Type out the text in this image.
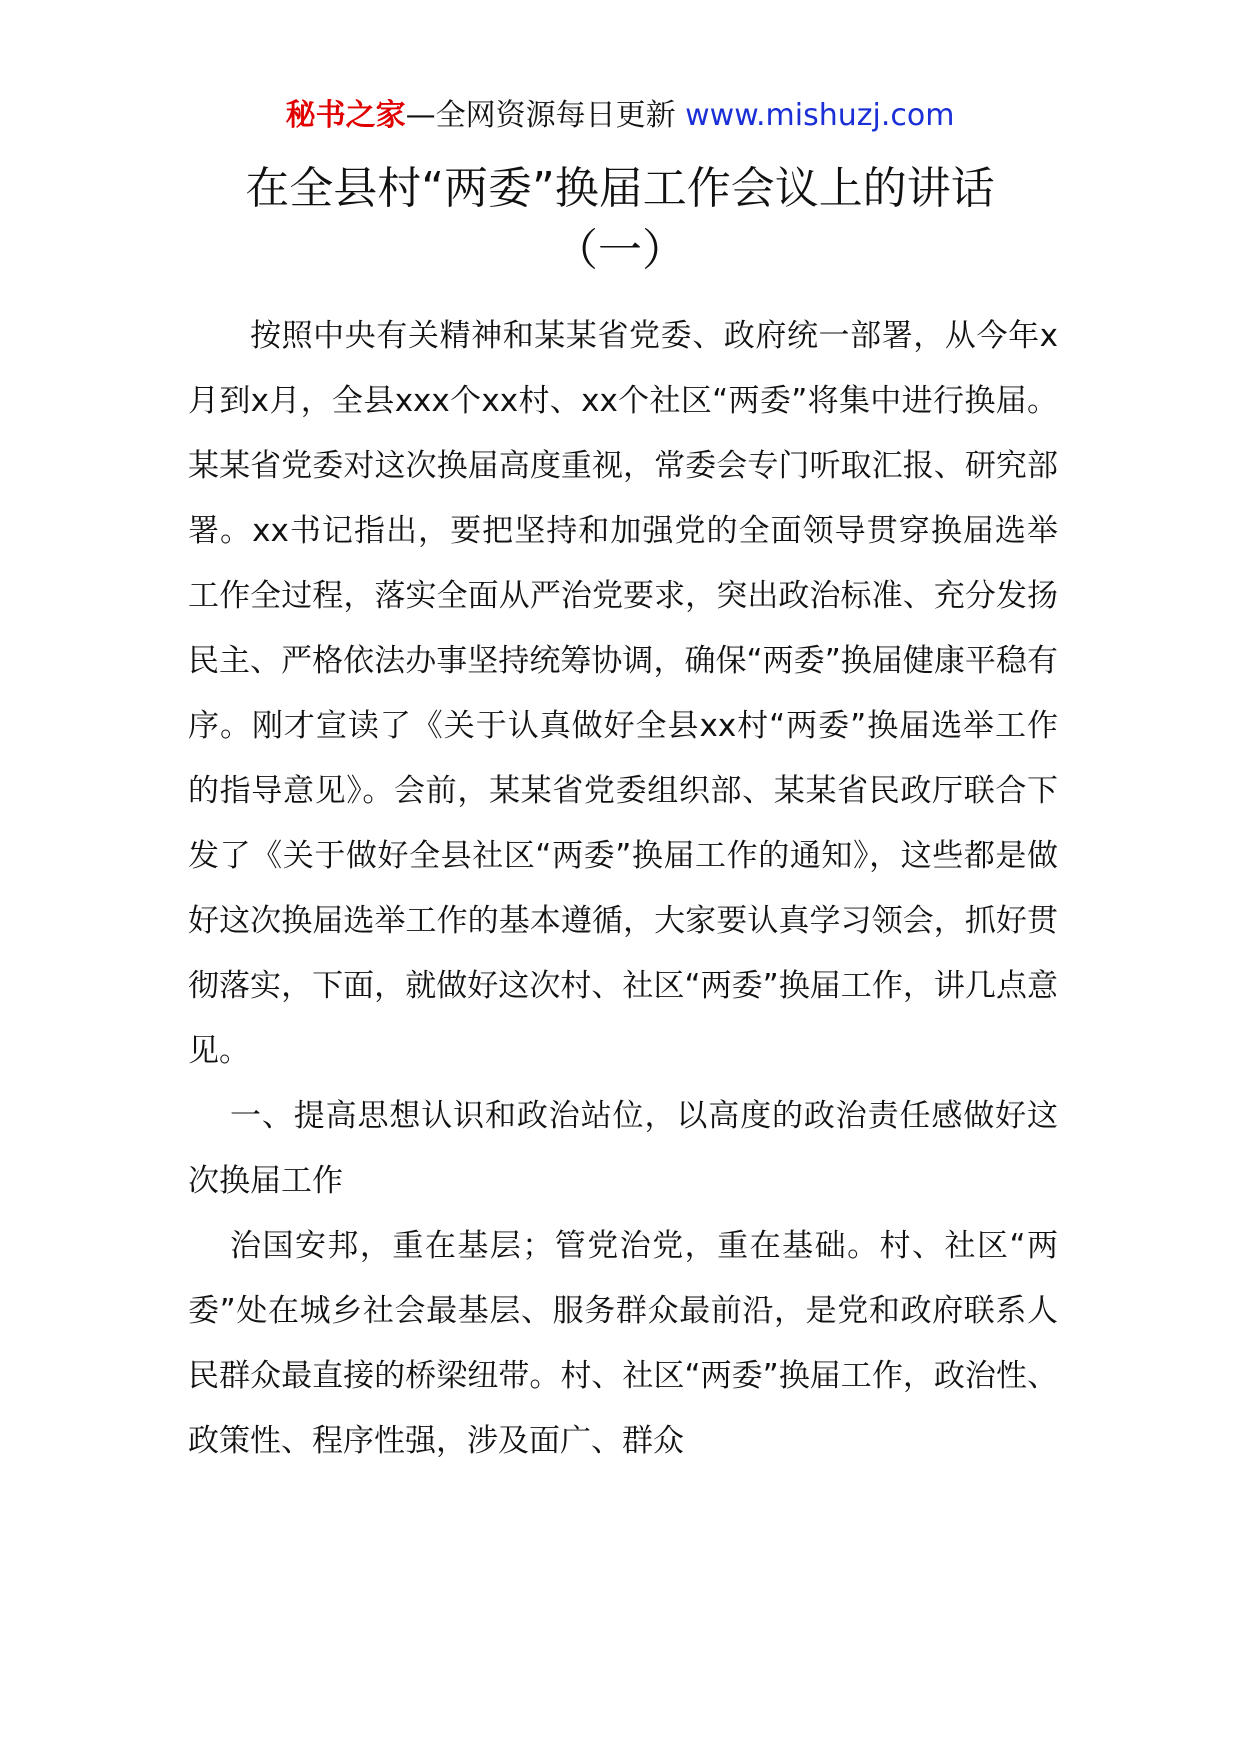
秘书之家—全网资源每日更新 www.mishuzj.com
在全县村“两委”换届工作会议上的讲话
（一）

按照中央有关精神和某某省党委、政府统一部署，从今年x月到x月，全县xxx个xx村、xx个社区“两委”将集中进行换届。某某省党委对这次换届高度重视，常委会专门听取汇报、研究部署。xx书记指出，要把坚持和加强党的全面领导贯穿换届选举工作全过程，落实全面从严治党要求，突出政治标准、充分发扬民主、严格依法办事坚持统筹协调，确保“两委”换届健康平稳有序。刚才宣读了《关于认真做好全县xx村“两委”换届选举工作的指导意见》。会前，某某省党委组织部、某某省民政厅联合下发了《关于做好全县社区“两委”换届工作的通知》，这些都是做好这次换届选举工作的基本遵循，大家要认真学习领会，抓好贯彻落实，下面，就做好这次村、社区“两委”换届工作，讲几点意见。

一、提高思想认识和政治站位，以高度的政治责任感做好这次换届工作

治国安邦，重在基层；管党治党，重在基础。村、社区“两委”处在城乡社会最基层、服务群众最前沿，是党和政府联系人民群众最直接的桥梁纽带。村、社区“两委”换届工作，政治性、政策性、程序性强，涉及面广、群众
